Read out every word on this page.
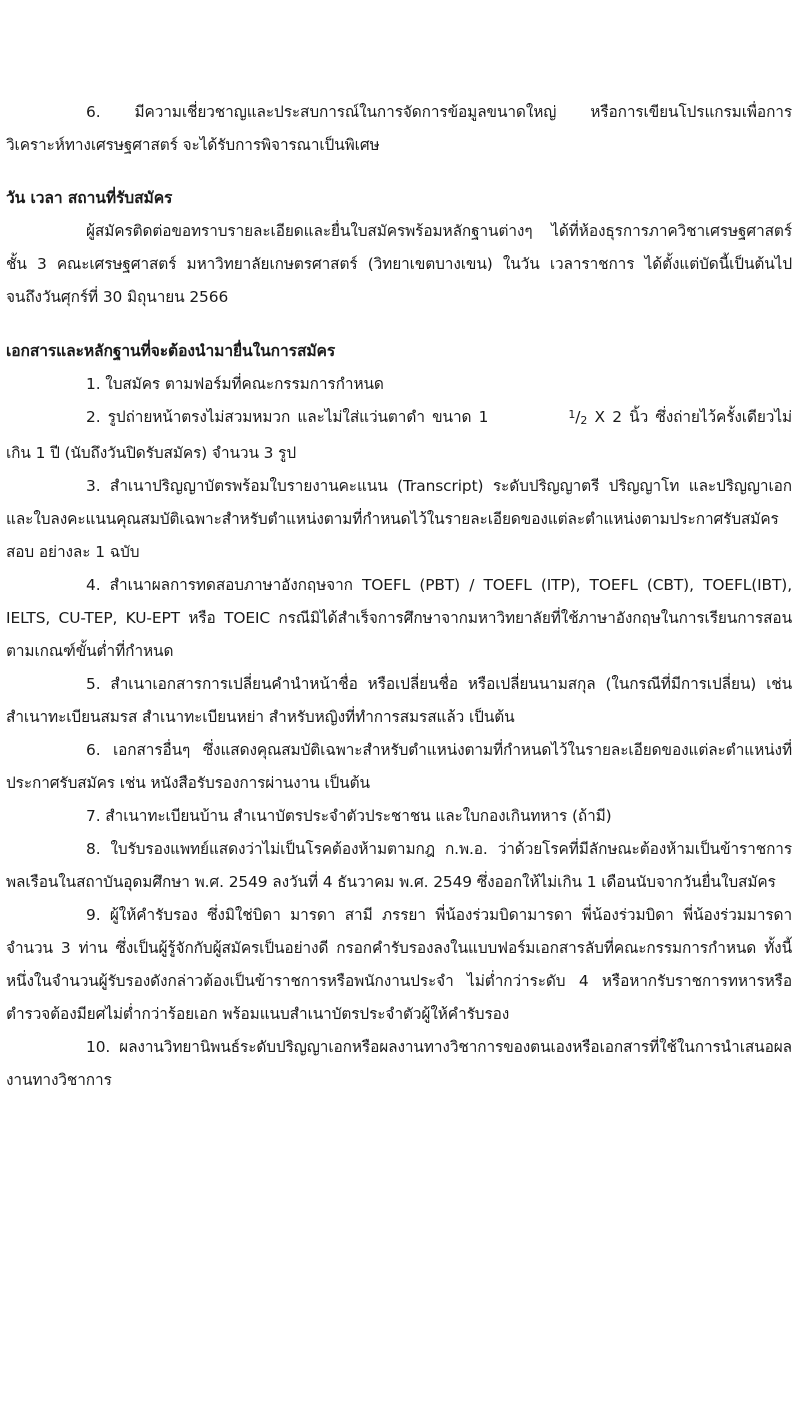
6. มีความเชี่ยวชาญและประสบการณ์ในการจัดการข้อมูลขนาดใหญ่ หรือการเขียนโปรแกรมเพื่อการวิเคราะห์ทางเศรษฐศาสตร์ จะได้รับการพิจารณาเป็นพิเศษ

วัน เวลา สถานที่รับสมัคร

ผู้สมัครติดต่อขอทราบรายละเอียดและยื่นใบสมัครพร้อมหลักฐานต่างๆ ได้ที่ห้องธุรการภาควิชาเศรษฐศาสตร์ ชั้น 3 คณะเศรษฐศาสตร์ มหาวิทยาลัยเกษตรศาสตร์ (วิทยาเขตบางเขน) ในวัน เวลาราชการ ได้ตั้งแต่บัดนี้เป็นต้นไป จนถึงวันศุกร์ที่ 30 มิถุนายน 2566

เอกสารและหลักฐานที่จะต้องนำมายื่นในการสมัคร

1. ใบสมัคร ตามฟอร์มที่คณะกรรมการกำหนด

2. รูปถ่ายหน้าตรงไม่สวมหมวก และไม่ใส่แว่นตาดำ ขนาด 1	1/2 X 2 นิ้ว ซึ่งถ่ายไว้ครั้งเดียวไม่เกิน 1 ปี (นับถึงวันปิดรับสมัคร) จำนวน 3 รูป

3. สำเนาปริญญาบัตรพร้อมใบรายงานคะแนน (Transcript) ระดับปริญญาตรี ปริญญาโท และปริญญาเอก และใบลงคะแนนคุณสมบัติเฉพาะสำหรับตำแหน่งตามที่กำหนดไว้ในรายละเอียดของแต่ละตำแหน่งตามประกาศรับสมัครสอบ อย่างละ 1 ฉบับ

4. สำเนาผลการทดสอบภาษาอังกฤษจาก TOEFL (PBT) / TOEFL (ITP), TOEFL (CBT), TOEFL(IBT), IELTS, CU-TEP, KU-EPT หรือ TOEIC กรณีมิได้สำเร็จการศึกษาจากมหาวิทยาลัยที่ใช้ภาษาอังกฤษในการเรียนการสอนตามเกณฑ์ขั้นต่ำที่กำหนด

5. สำเนาเอกสารการเปลี่ยนคำนำหน้าชื่อ หรือเปลี่ยนชื่อ หรือเปลี่ยนนามสกุล (ในกรณีที่มีการเปลี่ยน) เช่น สำเนาทะเบียนสมรส สำเนาทะเบียนหย่า สำหรับหญิงที่ทำการสมรสแล้ว เป็นต้น

6. เอกสารอื่นๆ ซึ่งแสดงคุณสมบัติเฉพาะสำหรับตำแหน่งตามที่กำหนดไว้ในรายละเอียดของแต่ละตำแหน่งที่ประกาศรับสมัคร เช่น หนังสือรับรองการผ่านงาน เป็นต้น

7. สำเนาทะเบียนบ้าน สำเนาบัตรประจำตัวประชาชน และใบกองเกินทหาร (ถ้ามี)

8. ใบรับรองแพทย์แสดงว่าไม่เป็นโรคต้องห้ามตามกฎ ก.พ.อ. ว่าด้วยโรคที่มีลักษณะต้องห้ามเป็นข้าราชการพลเรือนในสถาบันอุดมศึกษา พ.ศ. 2549 ลงวันที่ 4 ธันวาคม พ.ศ. 2549 ซึ่งออกให้ไม่เกิน 1 เดือนนับจากวันยื่นใบสมัคร

9. ผู้ให้คำรับรอง ซึ่งมิใช่บิดา มารดา สามี ภรรยา พี่น้องร่วมบิดามารดา พี่น้องร่วมบิดา พี่น้องร่วมมารดา จำนวน 3 ท่าน ซึ่งเป็นผู้รู้จักกับผู้สมัครเป็นอย่างดี กรอกคำรับรองลงในแบบฟอร์มเอกสารลับที่คณะกรรมการกำหนด ทั้งนี้ หนึ่งในจำนวนผู้รับรองดังกล่าวต้องเป็นข้าราชการหรือพนักงานประจำ ไม่ต่ำกว่าระดับ 4 หรือหากรับราชการทหารหรือตำรวจต้องมียศไม่ต่ำกว่าร้อยเอก พร้อมแนบสำเนาบัตรประจำตัวผู้ให้คำรับรอง

10. ผลงานวิทยานิพนธ์ระดับปริญญาเอกหรือผลงานทางวิชาการของตนเองหรือเอกสารที่ใช้ในการนำเสนอผลงานทางวิชาการ
